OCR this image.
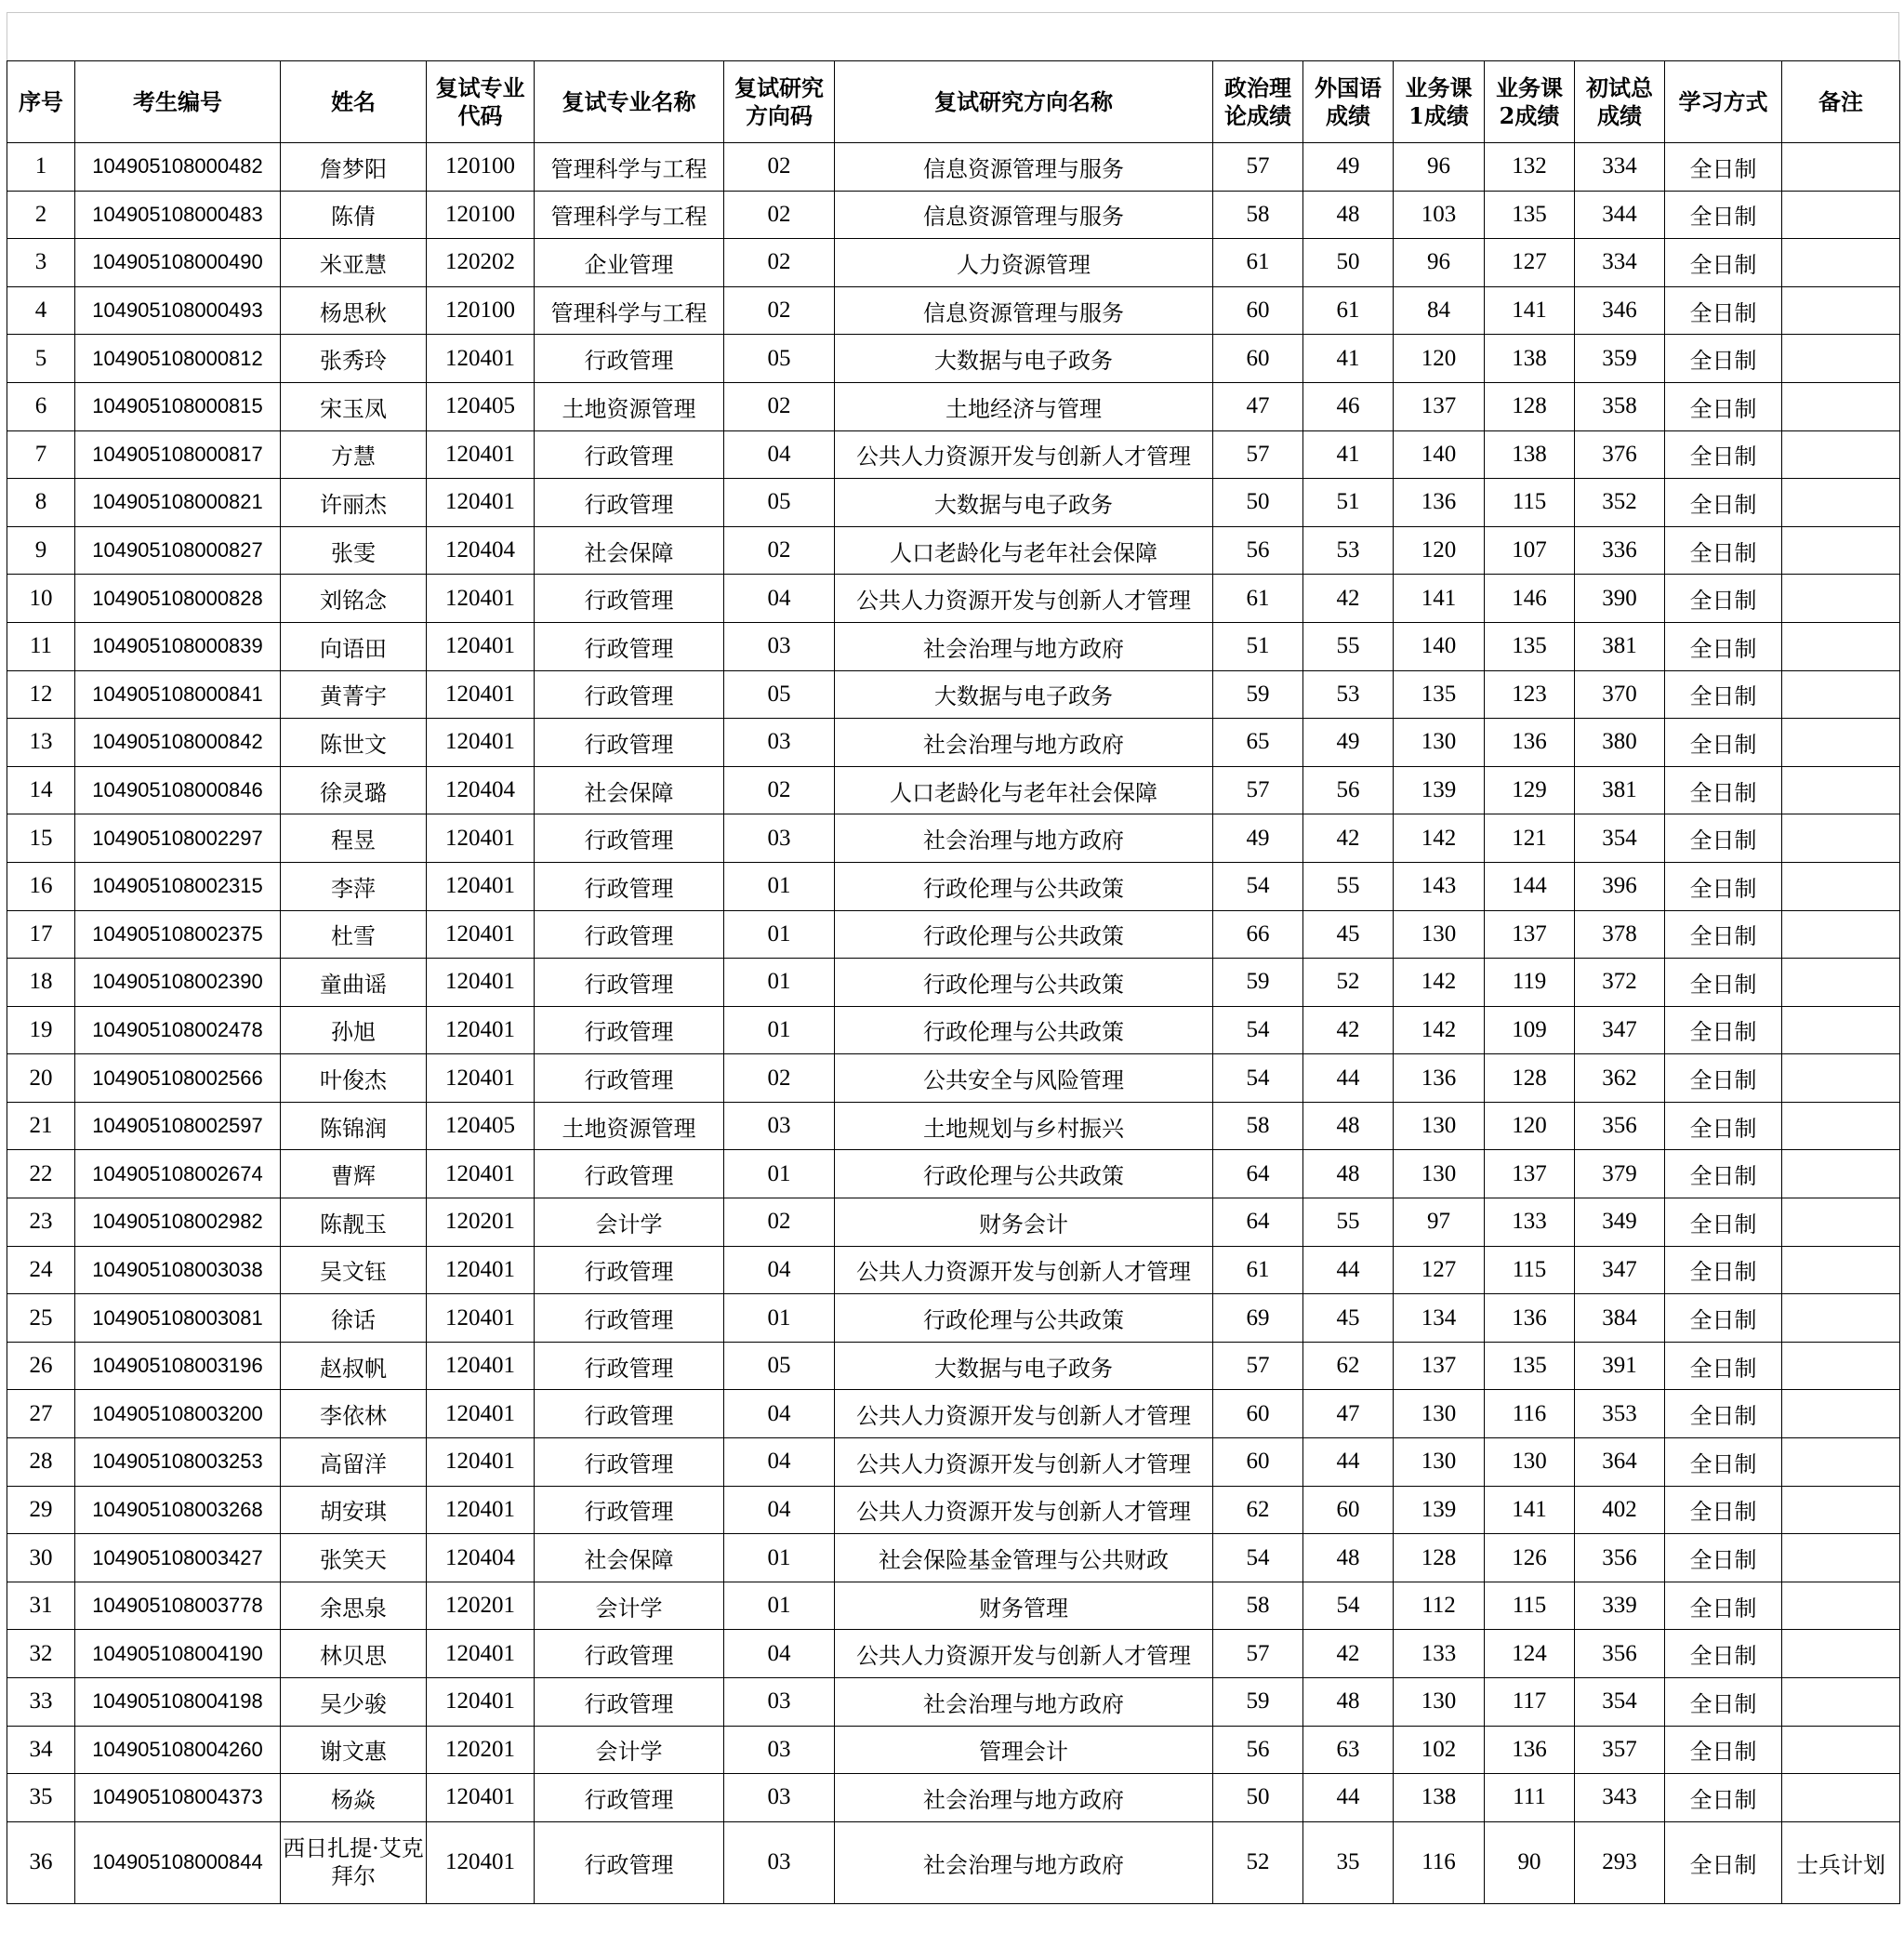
序号	考生编号	姓名	复试专业代码	复试专业名称	复试研究方向码	复试研究方向名称	政治理论成绩	外国语成绩	业务课1成绩	业务课2成绩	初试总成绩	学习方式	备注
1	104905108000482	詹梦阳	120100	管理科学与工程	02	信息资源管理与服务	57	49	96	132	334	全日制	
2	104905108000483	陈倩	120100	管理科学与工程	02	信息资源管理与服务	58	48	103	135	344	全日制	
3	104905108000490	米亚慧	120202	企业管理	02	人力资源管理	61	50	96	127	334	全日制	
4	104905108000493	杨思秋	120100	管理科学与工程	02	信息资源管理与服务	60	61	84	141	346	全日制	
5	104905108000812	张秀玲	120401	行政管理	05	大数据与电子政务	60	41	120	138	359	全日制	
6	104905108000815	宋玉凤	120405	土地资源管理	02	土地经济与管理	47	46	137	128	358	全日制	
7	104905108000817	方慧	120401	行政管理	04	公共人力资源开发与创新人才管理	57	41	140	138	376	全日制	
8	104905108000821	许丽杰	120401	行政管理	05	大数据与电子政务	50	51	136	115	352	全日制	
9	104905108000827	张雯	120404	社会保障	02	人口老龄化与老年社会保障	56	53	120	107	336	全日制	
10	104905108000828	刘铭念	120401	行政管理	04	公共人力资源开发与创新人才管理	61	42	141	146	390	全日制	
11	104905108000839	向语田	120401	行政管理	03	社会治理与地方政府	51	55	140	135	381	全日制	
12	104905108000841	黄菁宇	120401	行政管理	05	大数据与电子政务	59	53	135	123	370	全日制	
13	104905108000842	陈世文	120401	行政管理	03	社会治理与地方政府	65	49	130	136	380	全日制	
14	104905108000846	徐灵璐	120404	社会保障	02	人口老龄化与老年社会保障	57	56	139	129	381	全日制	
15	104905108002297	程昱	120401	行政管理	03	社会治理与地方政府	49	42	142	121	354	全日制	
16	104905108002315	李萍	120401	行政管理	01	行政伦理与公共政策	54	55	143	144	396	全日制	
17	104905108002375	杜雪	120401	行政管理	01	行政伦理与公共政策	66	45	130	137	378	全日制	
18	104905108002390	童曲谣	120401	行政管理	01	行政伦理与公共政策	59	52	142	119	372	全日制	
19	104905108002478	孙旭	120401	行政管理	01	行政伦理与公共政策	54	42	142	109	347	全日制	
20	104905108002566	叶俊杰	120401	行政管理	02	公共安全与风险管理	54	44	136	128	362	全日制	
21	104905108002597	陈锦润	120405	土地资源管理	03	土地规划与乡村振兴	58	48	130	120	356	全日制	
22	104905108002674	曹辉	120401	行政管理	01	行政伦理与公共政策	64	48	130	137	379	全日制	
23	104905108002982	陈靓玉	120201	会计学	02	财务会计	64	55	97	133	349	全日制	
24	104905108003038	吴文钰	120401	行政管理	04	公共人力资源开发与创新人才管理	61	44	127	115	347	全日制	
25	104905108003081	徐话	120401	行政管理	01	行政伦理与公共政策	69	45	134	136	384	全日制	
26	104905108003196	赵叔帆	120401	行政管理	05	大数据与电子政务	57	62	137	135	391	全日制	
27	104905108003200	李依林	120401	行政管理	04	公共人力资源开发与创新人才管理	60	47	130	116	353	全日制	
28	104905108003253	高留洋	120401	行政管理	04	公共人力资源开发与创新人才管理	60	44	130	130	364	全日制	
29	104905108003268	胡安琪	120401	行政管理	04	公共人力资源开发与创新人才管理	62	60	139	141	402	全日制	
30	104905108003427	张笑天	120404	社会保障	01	社会保险基金管理与公共财政	54	48	128	126	356	全日制	
31	104905108003778	余思泉	120201	会计学	01	财务管理	58	54	112	115	339	全日制	
32	104905108004190	林贝思	120401	行政管理	04	公共人力资源开发与创新人才管理	57	42	133	124	356	全日制	
33	104905108004198	吴少骏	120401	行政管理	03	社会治理与地方政府	59	48	130	117	354	全日制	
34	104905108004260	谢文惠	120201	会计学	03	管理会计	56	63	102	136	357	全日制	
35	104905108004373	杨焱	120401	行政管理	03	社会治理与地方政府	50	44	138	111	343	全日制	
36	104905108000844	西日扎提·艾克拜尔	120401	行政管理	03	社会治理与地方政府	52	35	116	90	293	全日制	士兵计划
